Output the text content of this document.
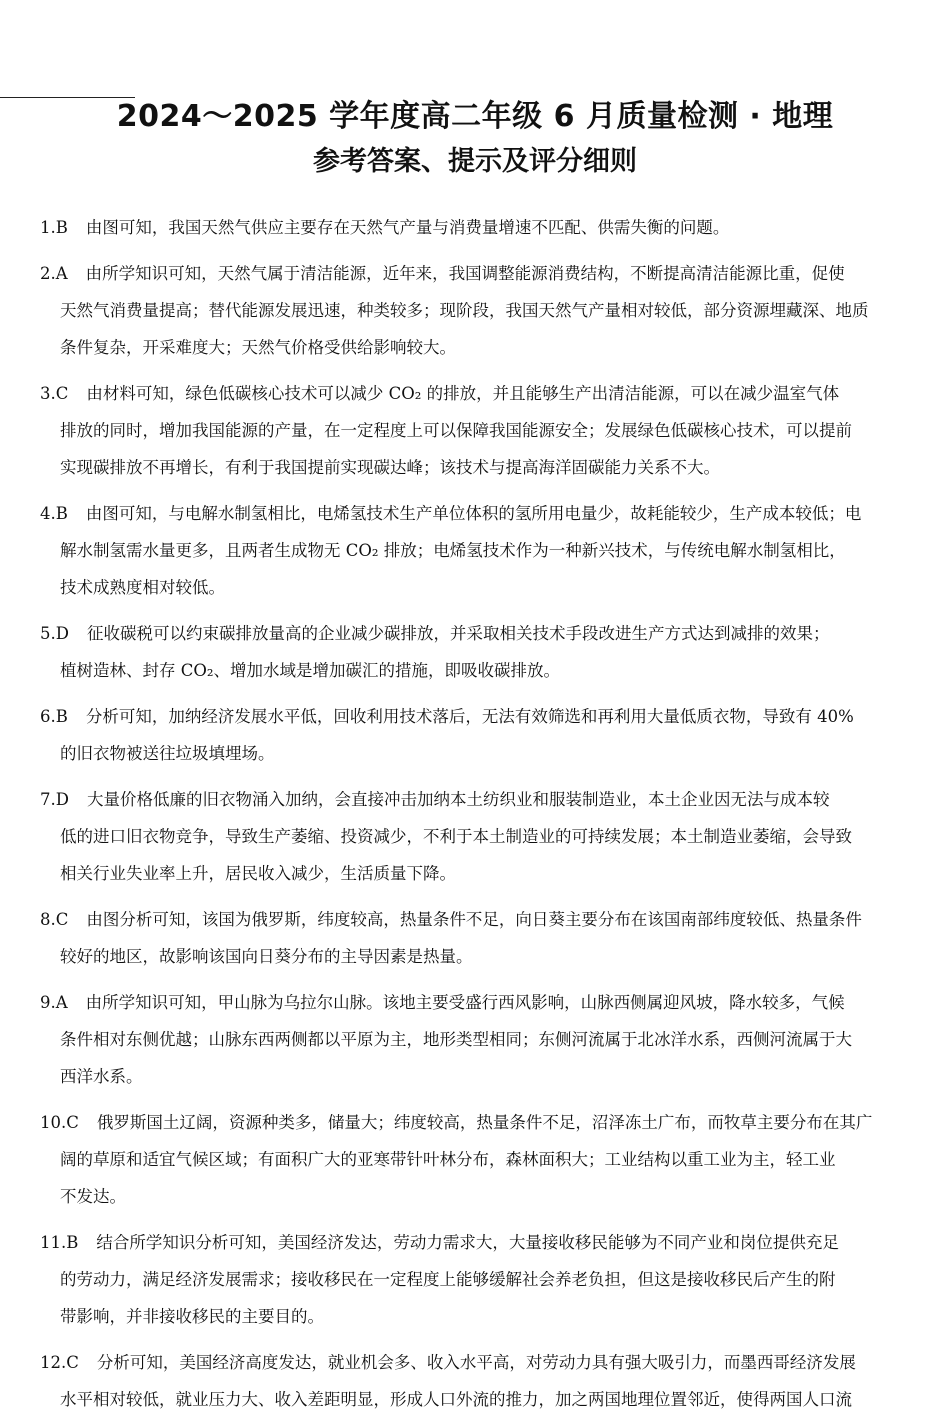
2024～2025 学年度高二年级 6 月质量检测 · 地理
参考答案、提示及评分细则
1.B 由图可知，我国天然气供应主要存在天然气产量与消费量增速不匹配、供需失衡的问题。
2.A 由所学知识可知，天然气属于清洁能源，近年来，我国调整能源消费结构，不断提高清洁能源比重，促使
天然气消费量提高；替代能源发展迅速，种类较多；现阶段，我国天然气产量相对较低，部分资源埋藏深、地质
条件复杂，开采难度大；天然气价格受供给影响较大。
3.C 由材料可知，绿色低碳核心技术可以减少 CO₂ 的排放，并且能够生产出清洁能源，可以在减少温室气体
排放的同时，增加我国能源的产量，在一定程度上可以保障我国能源安全；发展绿色低碳核心技术，可以提前
实现碳排放不再增长，有利于我国提前实现碳达峰；该技术与提高海洋固碳能力关系不大。
4.B 由图可知，与电解水制氢相比，电烯氢技术生产单位体积的氢所用电量少，故耗能较少，生产成本较低；电
解水制氢需水量更多，且两者生成物无 CO₂ 排放；电烯氢技术作为一种新兴技术，与传统电解水制氢相比，
技术成熟度相对较低。
5.D 征收碳税可以约束碳排放量高的企业减少碳排放，并采取相关技术手段改进生产方式达到减排的效果；
植树造林、封存 CO₂、增加水域是增加碳汇的措施，即吸收碳排放。
6.B 分析可知，加纳经济发展水平低，回收利用技术落后，无法有效筛选和再利用大量低质衣物，导致有 40%
的旧衣物被送往垃圾填埋场。
7.D 大量价格低廉的旧衣物涌入加纳，会直接冲击加纳本土纺织业和服装制造业，本土企业因无法与成本较
低的进口旧衣物竞争，导致生产萎缩、投资减少，不利于本土制造业的可持续发展；本土制造业萎缩，会导致
相关行业失业率上升，居民收入减少，生活质量下降。
8.C 由图分析可知，该国为俄罗斯，纬度较高，热量条件不足，向日葵主要分布在该国南部纬度较低、热量条件
较好的地区，故影响该国向日葵分布的主导因素是热量。
9.A 由所学知识可知，甲山脉为乌拉尔山脉。该地主要受盛行西风影响，山脉西侧属迎风坡，降水较多，气候
条件相对东侧优越；山脉东西两侧都以平原为主，地形类型相同；东侧河流属于北冰洋水系，西侧河流属于大
西洋水系。
10.C 俄罗斯国土辽阔，资源种类多，储量大；纬度较高，热量条件不足，沼泽冻土广布，而牧草主要分布在其广
阔的草原和适宜气候区域；有面积广大的亚寒带针叶林分布，森林面积大；工业结构以重工业为主，轻工业
不发达。
11.B 结合所学知识分析可知，美国经济发达，劳动力需求大，大量接收移民能够为不同产业和岗位提供充足
的劳动力，满足经济发展需求；接收移民在一定程度上能够缓解社会养老负担，但这是接收移民后产生的附
带影响，并非接收移民的主要目的。
12.C 分析可知，美国经济高度发达，就业机会多、收入水平高，对劳动力具有强大吸引力，而墨西哥经济发展
水平相对较低，就业压力大、收入差距明显，形成人口外流的推力，加之两国地理位置邻近，使得两国人口流
